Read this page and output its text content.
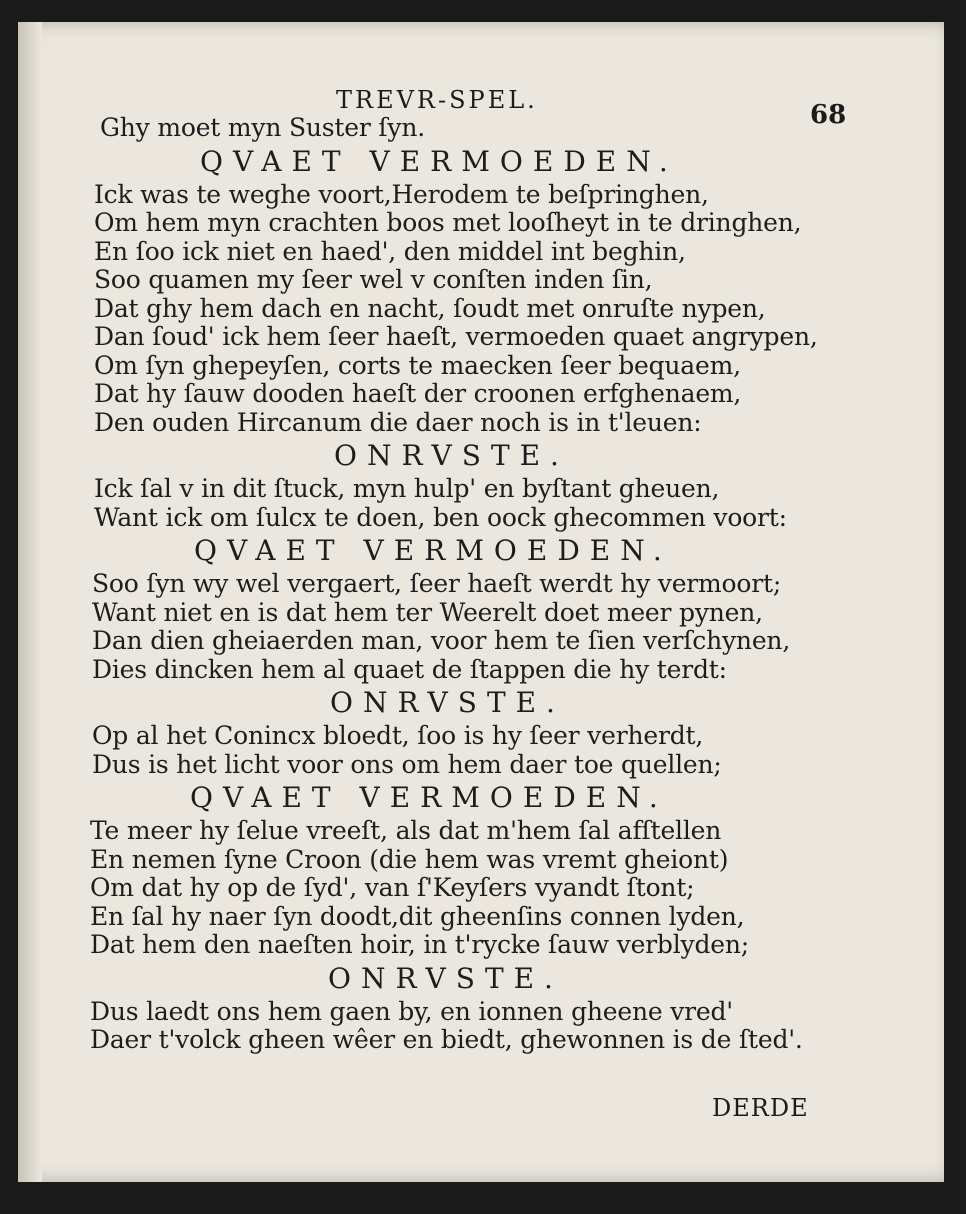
TREVR-SPEL.	68
Ghy moet myn Suster ſyn.
QVAET VERMOEDEN.
Ick was te weghe voort,Herodem te beſpringhen,
Om hem myn crachten boos met looſheyt in te dringhen,
En ſoo ick niet en haed', den middel int beghin,
Soo quamen my ſeer wel v conſten inden ſin,
Dat ghy hem dach en nacht, ſoudt met onruſte nypen,
Dan ſoud' ick hem ſeer haeſt, vermoeden quaet angrypen,
Om ſyn ghepeyſen, corts te maecken ſeer bequaem,
Dat hy ſauw dooden haeſt der croonen erfghenaem,
Den ouden Hircanum die daer noch is in t'leuen:
ONRVSTE.
Ick ſal v in dit ſtuck, myn hulp' en byſtant gheuen,
Want ick om ſulcx te doen, ben oock ghecommen voort:
QVAET VERMOEDEN.
Soo ſyn wy wel vergaert, ſeer haeſt werdt hy vermoort;
Want niet en is dat hem ter Weerelt doet meer pynen,
Dan dien gheiaerden man, voor hem te ſien verſchynen,
Dies dincken hem al quaet de ſtappen die hy terdt:
ONRVSTE.
Op al het Conincx bloedt, ſoo is hy ſeer verherdt,
Dus is het licht voor ons om hem daer toe quellen;
QVAET VERMOEDEN.
Te meer hy ſelue vreeſt, als dat m'hem ſal afſtellen
En nemen ſyne Croon (die hem was vremt gheiont)
Om dat hy op de ſyd', van ſ'Keyſers vyandt ſtont;
En ſal hy naer ſyn doodt,dit gheenſins connen lyden,
Dat hem den naeſten hoir, in t'rycke ſauw verblyden;
ONRVSTE.
Dus laedt ons hem gaen by, en ionnen gheene vred'
Daer t'volck gheen wêer en biedt, ghewonnen is de ſted'.
DERDE
